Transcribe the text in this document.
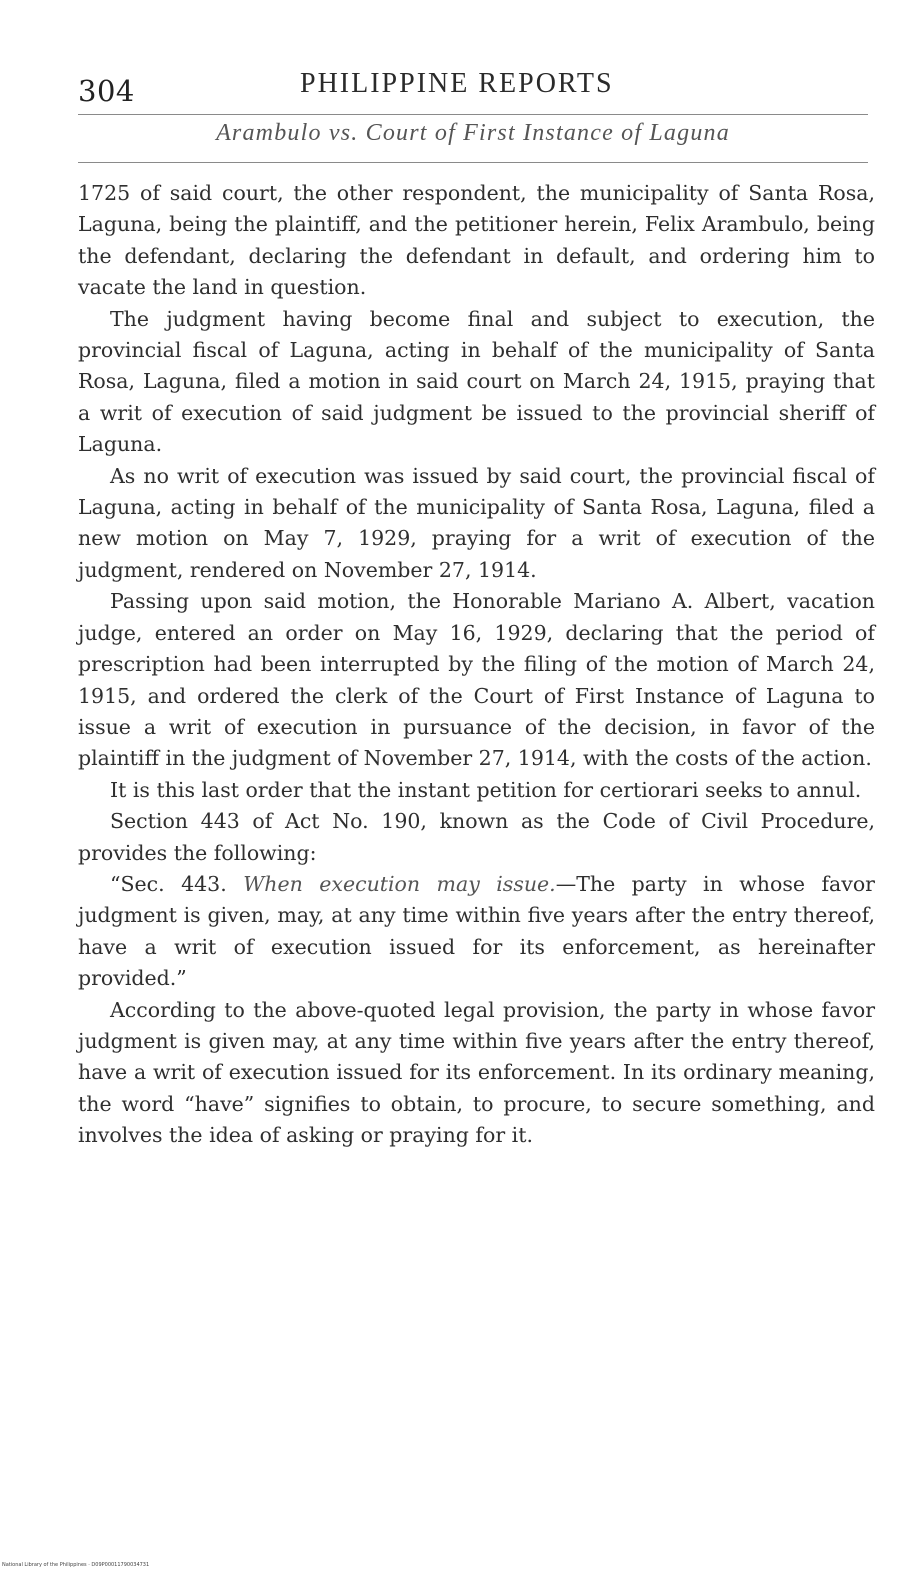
304	PHILIPPINE REPORTS
Arambulo vs. Court of First Instance of Laguna

1725 of said court, the other respondent, the municipality of Santa Rosa, Laguna, being the plaintiff, and the petitioner herein, Felix Arambulo, being the defendant, declaring the defendant in default, and ordering him to vacate the land in question.

The judgment having become final and subject to execution, the provincial fiscal of Laguna, acting in behalf of the municipality of Santa Rosa, Laguna, filed a motion in said court on March 24, 1915, praying that a writ of execution of said judgment be issued to the provincial sheriff of Laguna.

As no writ of execution was issued by said court, the provincial fiscal of Laguna, acting in behalf of the municipality of Santa Rosa, Laguna, filed a new motion on May 7, 1929, praying for a writ of execution of the judgment, rendered on November 27, 1914.

Passing upon said motion, the Honorable Mariano A. Albert, vacation judge, entered an order on May 16, 1929, declaring that the period of prescription had been interrupted by the filing of the motion of March 24, 1915, and ordered the clerk of the Court of First Instance of Laguna to issue a writ of execution in pursuance of the decision, in favor of the plaintiff in the judgment of November 27, 1914, with the costs of the action.

It is this last order that the instant petition for certiorari seeks to annul.

Section 443 of Act No. 190, known as the Code of Civil Procedure, provides the following:

“Sec. 443. When execution may issue.—The party in whose favor judgment is given, may, at any time within five years after the entry thereof, have a writ of execution issued for its enforcement, as hereinafter provided.”

According to the above-quoted legal provision, the party in whose favor judgment is given may, at any time within five years after the entry thereof, have a writ of execution issued for its enforcement. In its ordinary meaning, the word “have” signifies to obtain, to procure, to secure something, and involves the idea of asking or praying for it.

National Library of the Philippines · D09P00011790034731
